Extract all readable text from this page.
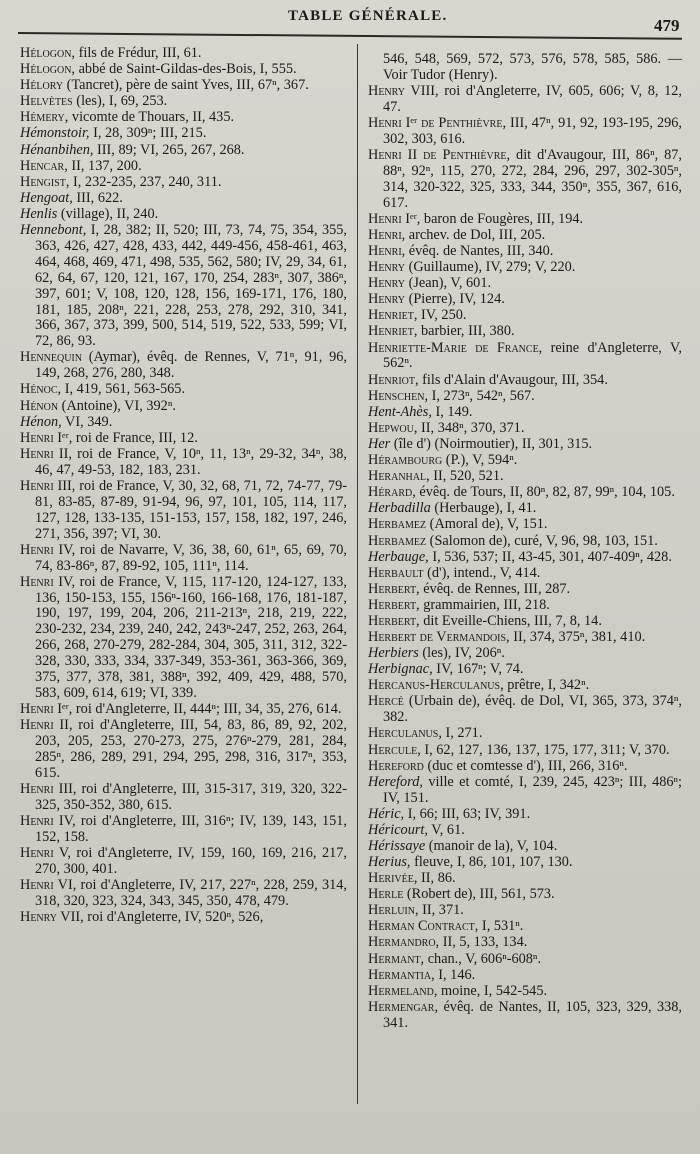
TABLE GÉNÉRALE.	479

Hélogon, fils de Frédur, III, 61.

Hélogon, abbé de Saint-Gildas-des-Bois, I, 555.

Hélory (Tancret), père de saint Yves, III, 67ⁿ, 367.

Helvètes (les), I, 69, 253.

Hémery, vicomte de Thouars, II, 435.

Hémonstoir, I, 28, 309ⁿ; III, 215.

Hénanbihen, III, 89; VI, 265, 267, 268.

Hencar, II, 137, 200.

Hengist, I, 232-235, 237, 240, 311.

Hengoat, III, 622.

Henlis (village), II, 240.

Hennebont, I, 28, 382; II, 520; III, 73, 74, 75, 354, 355, 363, 426, 427, 428, 433, 442, 449-456, 458-461, 463, 464, 468, 469, 471, 498, 535, 562, 580; IV, 29, 34, 61, 62, 64, 67, 120, 121, 167, 170, 254, 283ⁿ, 307, 386ⁿ, 397, 601; V, 108, 120, 128, 156, 169-171, 176, 180, 181, 185, 208ⁿ, 221, 228, 253, 278, 292, 310, 341, 366, 367, 373, 399, 500, 514, 519, 522, 533, 599; VI, 72, 86, 93.

Hennequin (Aymar), évêq. de Rennes, V, 71ⁿ, 91, 96, 149, 268, 276, 280, 348.

Hénoc, I, 419, 561, 563-565.

Hénon (Antoine), VI, 392ⁿ.

Hénon, VI, 349.

Henri Iᵉʳ, roi de France, III, 12.

Henri II, roi de France, V, 10ⁿ, 11, 13ⁿ, 29-32, 34ⁿ, 38, 46, 47, 49-53, 182, 183, 231.

Henri III, roi de France, V, 30, 32, 68, 71, 72, 74-77, 79-81, 83-85, 87-89, 91-94, 96, 97, 101, 105, 114, 117, 127, 128, 133-135, 151-153, 157, 158, 182, 197, 246, 271, 356, 397; VI, 30.

Henri IV, roi de Navarre, V, 36, 38, 60, 61ⁿ, 65, 69, 70, 74, 83-86ⁿ, 87, 89-92, 105, 111ⁿ, 114.

Henri IV, roi de France, V, 115, 117-120, 124-127, 133, 136, 150-153, 155, 156ⁿ-160, 166-168, 176, 181-187, 190, 197, 199, 204, 206, 211-213ⁿ, 218, 219, 222, 230-232, 234, 239, 240, 242, 243ⁿ-247, 252, 263, 264, 266, 268, 270-279, 282-284, 304, 305, 311, 312, 322-328, 330, 333, 334, 337-349, 353-361, 363-366, 369, 375, 377, 378, 381, 388ⁿ, 392, 409, 429, 488, 570, 583, 609, 614, 619; VI, 339.

Henri Iᵉʳ, roi d'Angleterre, II, 444ⁿ; III, 34, 35, 276, 614.

Henri II, roi d'Angleterre, III, 54, 83, 86, 89, 92, 202, 203, 205, 253, 270-273, 275, 276ⁿ-279, 281, 284, 285ⁿ, 286, 289, 291, 294, 295, 298, 316, 317ⁿ, 353, 615.

Henri III, roi d'Angleterre, III, 315-317, 319, 320, 322-325, 350-352, 380, 615.

Henri IV, roi d'Angleterre, III, 316ⁿ; IV, 139, 143, 151, 152, 158.

Henri V, roi d'Angleterre, IV, 159, 160, 169, 216, 217, 270, 300, 401.

Henri VI, roi d'Angleterre, IV, 217, 227ⁿ, 228, 259, 314, 318, 320, 323, 324, 343, 345, 350, 478, 479.

Henry VII, roi d'Angleterre, IV, 520ⁿ, 526,

546, 548, 569, 572, 573, 576, 578, 585, 586. — Voir Tudor (Henry).

Henry VIII, roi d'Angleterre, IV, 605, 606; V, 8, 12, 47.

Henri Iᵉʳ de Penthièvre, III, 47ⁿ, 91, 92, 193-195, 296, 302, 303, 616.

Henri II de Penthièvre, dit d'Avaugour, III, 86ⁿ, 87, 88ⁿ, 92ⁿ, 115, 270, 272, 284, 296, 297, 302-305ⁿ, 314, 320-322, 325, 333, 344, 350ⁿ, 355, 367, 616, 617.

Henri Iᵉʳ, baron de Fougères, III, 194.

Henri, archev. de Dol, III, 205.

Henri, évêq. de Nantes, III, 340.

Henry (Guillaume), IV, 279; V, 220.

Henry (Jean), V, 601.

Henry (Pierre), IV, 124.

Henriet, IV, 250.

Henriet, barbier, III, 380.

Henriette-Marie de France, reine d'Angleterre, V, 562ⁿ.

Henriot, fils d'Alain d'Avaugour, III, 354.

Henschen, I, 273ⁿ, 542ⁿ, 567.

Hent-Ahès, I, 149.

Hepwou, II, 348ⁿ, 370, 371.

Her (île d') (Noirmoutier), II, 301, 315.

Hérambourg (P.), V, 594ⁿ.

Heranhal, II, 520, 521.

Hérard, évêq. de Tours, II, 80ⁿ, 82, 87, 99ⁿ, 104, 105.

Herbadilla (Herbauge), I, 41.

Herbamez (Amoral de), V, 151.

Herbamez (Salomon de), curé, V, 96, 98, 103, 151.

Herbauge, I, 536, 537; II, 43-45, 301, 407-409ⁿ, 428.

Herbault (d'), intend., V, 414.

Herbert, évêq. de Rennes, III, 287.

Herbert, grammairien, III, 218.

Herbert, dit Eveille-Chiens, III, 7, 8, 14.

Herbert de Vermandois, II, 374, 375ⁿ, 381, 410.

Herbiers (les), IV, 206ⁿ.

Herbignac, IV, 167ⁿ; V, 74.

Hercanus-Herculanus, prêtre, I, 342ⁿ.

Hercé (Urbain de), évêq. de Dol, VI, 365, 373, 374ⁿ, 382.

Herculanus, I, 271.

Hercule, I, 62, 127, 136, 137, 175, 177, 311; V, 370.

Hereford (duc et comtesse d'), III, 266, 316ⁿ.

Hereford, ville et comté, I, 239, 245, 423ⁿ; III, 486ⁿ; IV, 151.

Héric, I, 66; III, 63; IV, 391.

Héricourt, V, 61.

Hérissaye (manoir de la), V, 104.

Herius, fleuve, I, 86, 101, 107, 130.

Herivée, II, 86.

Herle (Robert de), III, 561, 573.

Herluin, II, 371.

Herman Contract, I, 531ⁿ.

Hermandro, II, 5, 133, 134.

Hermant, chan., V, 606ⁿ-608ⁿ.

Hermantia, I, 146.

Hermeland, moine, I, 542-545.

Hermengar, évêq. de Nantes, II, 105, 323, 329, 338, 341.
